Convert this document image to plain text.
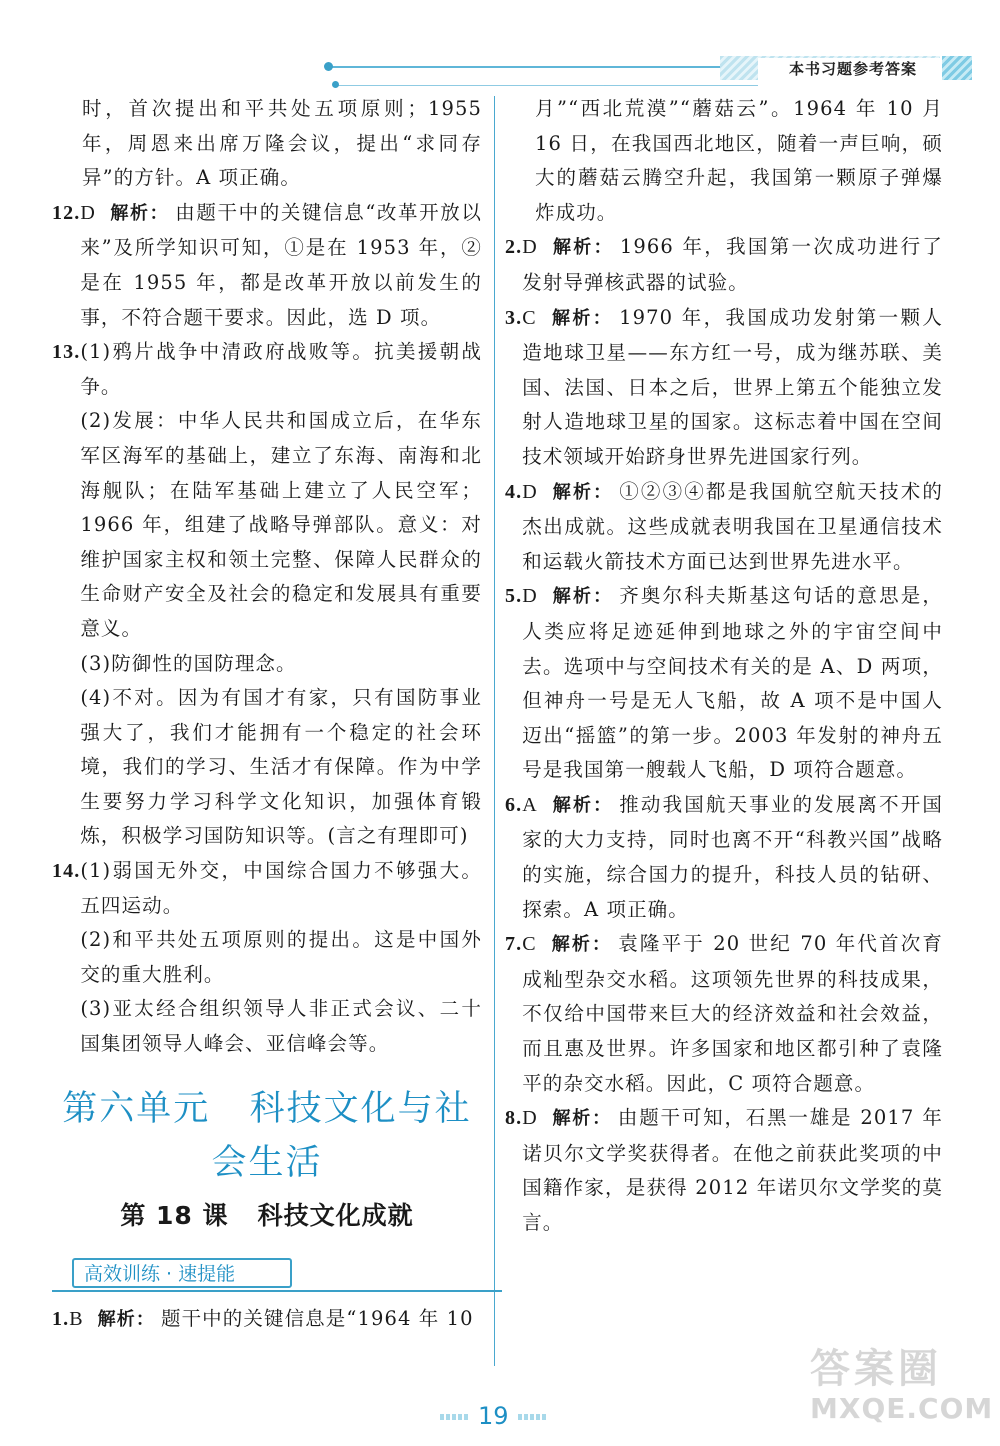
本书习题参考答案
时，首次提出和平共处五项原则；1955 年，周恩来出席万隆会议，提出“求同存异”的方针。A 项正确。
12. D 解析： 由题干中的关键信息“改革开放以来”及所学知识可知，①是在 1953 年，②是在 1955 年，都是改革开放以前发生的事，不符合题干要求。因此，选 D 项。
13. (1)鸦片战争中清政府战败等。抗美援朝战争。
(2)发展：中华人民共和国成立后，在华东军区海军的基础上，建立了东海、南海和北海舰队；在陆军基础上建立了人民空军；1966 年，组建了战略导弹部队。意义：对维护国家主权和领土完整、保障人民群众的生命财产安全及社会的稳定和发展具有重要意义。
(3)防御性的国防理念。
(4)不对。因为有国才有家，只有国防事业强大了，我们才能拥有一个稳定的社会环境，我们的学习、生活才有保障。作为中学生要努力学习科学文化知识，加强体育锻炼，积极学习国防知识等。(言之有理即可)
14. (1)弱国无外交，中国综合国力不够强大。五四运动。
(2)和平共处五项原则的提出。这是中国外交的重大胜利。
(3)亚太经合组织领导人非正式会议、二十国集团领导人峰会、亚信峰会等。
第六单元   科技文化与社
会生活
第 18 课 科技文化成就
高效训练 · 速提能
1. B 解析： 题干中的关键信息是“1964 年 10
月”“西北荒漠”“蘑菇云”。1964 年 10 月 16 日，在我国西北地区，随着一声巨响，硕大的蘑菇云腾空升起，我国第一颗原子弹爆炸成功。
2. D 解析： 1966 年，我国第一次成功进行了发射导弹核武器的试验。
3. C 解析： 1970 年，我国成功发射第一颗人造地球卫星——东方红一号，成为继苏联、美国、法国、日本之后，世界上第五个能独立发射人造地球卫星的国家。这标志着中国在空间技术领域开始跻身世界先进国家行列。
4. D 解析： ①②③④都是我国航空航天技术的杰出成就。这些成就表明我国在卫星通信技术和运载火箭技术方面已达到世界先进水平。
5. D 解析： 齐奥尔科夫斯基这句话的意思是，人类应将足迹延伸到地球之外的宇宙空间中去。选项中与空间技术有关的是 A、D 两项，但神舟一号是无人飞船，故 A 项不是中国人迈出“摇篮”的第一步。2003 年发射的神舟五号是我国第一艘载人飞船，D 项符合题意。
6. A 解析： 推动我国航天事业的发展离不开国家的大力支持，同时也离不开“科教兴国”战略的实施，综合国力的提升，科技人员的钻研、探索。A 项正确。
7. C 解析： 袁隆平于 20 世纪 70 年代首次育成籼型杂交水稻。这项领先世界的科技成果，不仅给中国带来巨大的经济效益和社会效益，而且惠及世界。许多国家和地区都引种了袁隆平的杂交水稻。因此，C 项符合题意。
8. D 解析： 由题干可知，石黑一雄是 2017 年诺贝尔文学奖获得者。在他之前获此奖项的中国籍作家，是获得 2012 年诺贝尔文学奖的莫言。
19
答案圈
MXQE.COM
